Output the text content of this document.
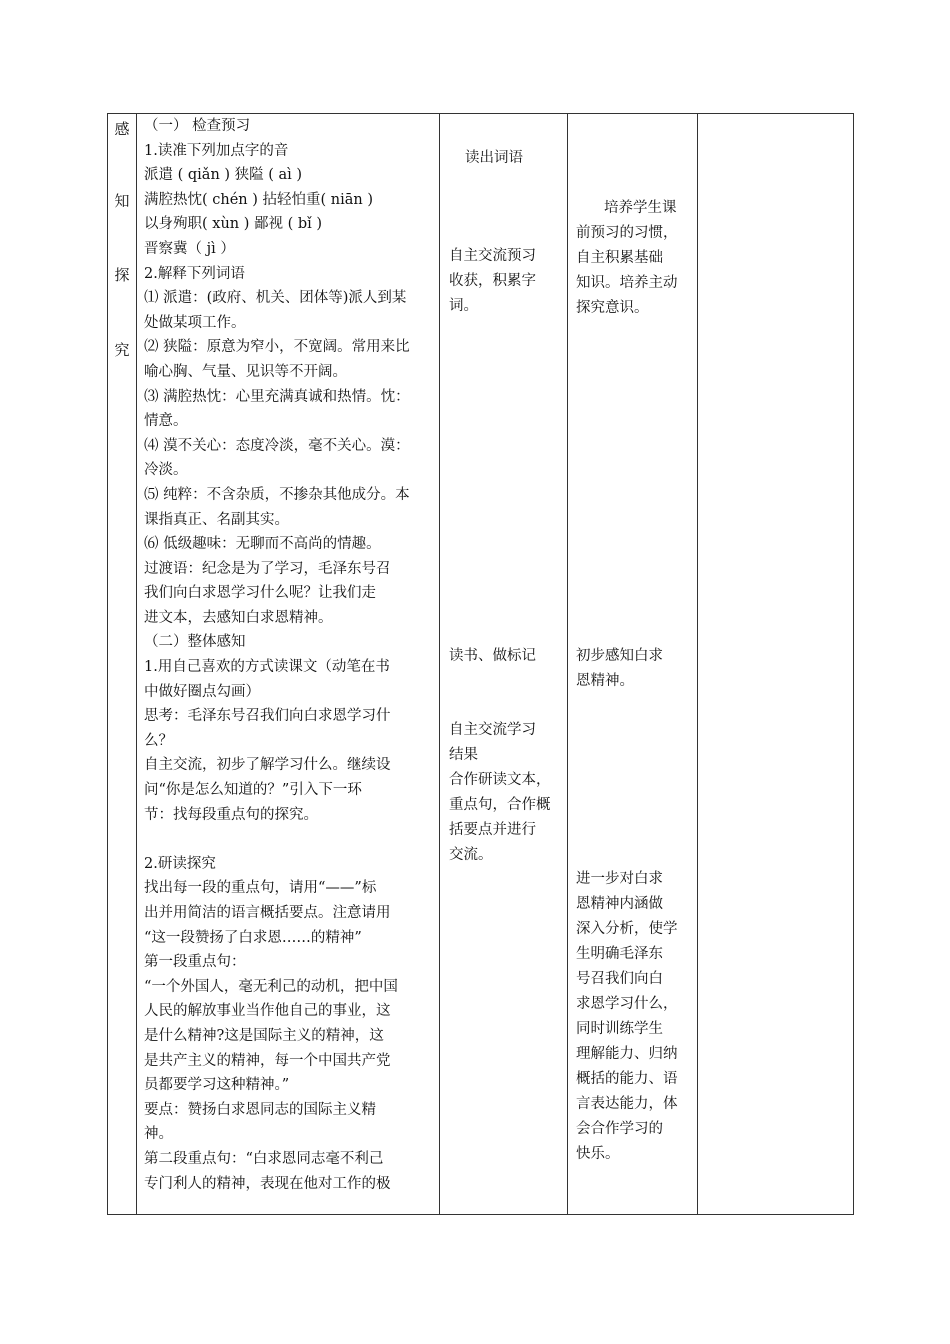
感
知
探
究

（一） 检查预习

1.读准下列加点字的音

派遣 ( qiǎn ) 狭隘 ( aì )

满腔热忱( chén ) 拈轻怕重( niān )

以身殉职( xùn ) 鄙视 ( bǐ )

晋察冀（ jì ）

2.解释下列词语

⑴ 派遣：(政府、机关、团体等)派人到某

处做某项工作。

⑵ 狭隘：原意为窄小，不宽阔。常用来比

喻心胸、气量、见识等不开阔。

⑶ 满腔热忱：心里充满真诚和热情。忱：

情意。

⑷ 漠不关心：态度冷淡，毫不关心。漠：

冷淡。

⑸ 纯粹：不含杂质，不掺杂其他成分。本

课指真正、名副其实。

⑹ 低级趣味：无聊而不高尚的情趣。

过渡语：纪念是为了学习，毛泽东号召

我们向白求恩学习什么呢？让我们走

进文本，去感知白求恩精神。

（二）整体感知

1.用自己喜欢的方式读课文（动笔在书

中做好圈点勾画）

思考：毛泽东号召我们向白求恩学习什

么？

自主交流，初步了解学习什么。继续设

问“你是怎么知道的？”引入下一环

节：找每段重点句的探究。

2.研读探究

找出每一段的重点句，请用“——”标

出并用简洁的语言概括要点。注意请用

“这一段赞扬了白求恩……的精神”

第一段重点句：

“一个外国人，毫无利己的动机，把中国

人民的解放事业当作他自己的事业，这

是什么精神?这是国际主义的精神，这

是共产主义的精神，每一个中国共产党

员都要学习这种精神。”

要点：赞扬白求恩同志的国际主义精

神。

第二段重点句：“白求恩同志毫不利己

专门利人的精神，表现在他对工作的极

读出词语

自主交流预习

收获，积累字

词。

读书、做标记

自主交流学习

结果

合作研读文本，

重点句，合作概

括要点并进行

交流。

培养学生课

前预习的习惯，

自主积累基础

知识。培养主动

探究意识。

初步感知白求

恩精神。

进一步对白求

恩精神内涵做

深入分析，使学

生明确毛泽东

号召我们向白

求恩学习什么，

同时训练学生

理解能力、归纳

概括的能力、语

言表达能力，体

会合作学习的

快乐。
